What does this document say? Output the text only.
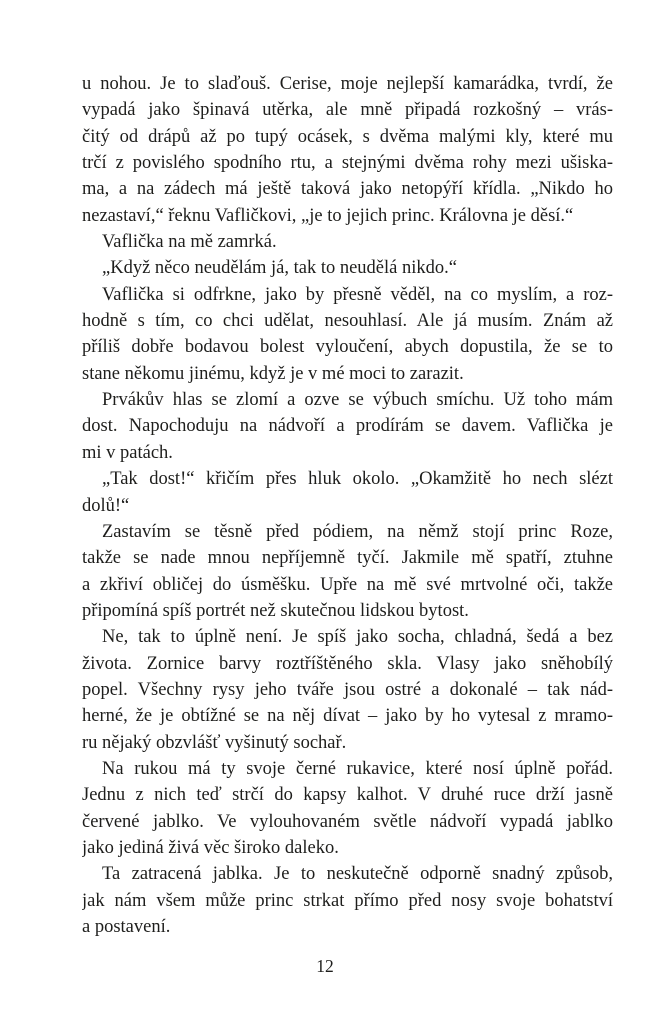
u nohou. Je to slaďouš. Cerise, moje nejlepší kamarádka, tvrdí, že
vypadá jako špinavá utěrka, ale mně připadá rozkošný – vrás-
čitý od drápů až po tupý ocásek, s dvěma malými kly, které mu
trčí z povislého spodního rtu, a stejnými dvěma rohy mezi ušiska-
ma, a na zádech má ještě taková jako netopýří křídla. „Nikdo ho
nezastaví,“ řeknu Vafličkovi, „je to jejich princ. Královna je děsí.“
Vaflička na mě zamrká.
„Když něco neudělám já, tak to neudělá nikdo.“
Vaflička si odfrkne, jako by přesně věděl, na co myslím, a roz-
hodně s tím, co chci udělat, nesouhlasí. Ale já musím. Znám až
příliš dobře bodavou bolest vyloučení, abych dopustila, že se to
stane někomu jinému, když je v mé moci to zarazit.
Prvákův hlas se zlomí a ozve se výbuch smíchu. Už toho mám
dost. Napochoduju na nádvoří a prodírám se davem. Vaflička je
mi v patách.
„Tak dost!“ křičím přes hluk okolo. „Okamžitě ho nech slézt
dolů!“
Zastavím se těsně před pódiem, na němž stojí princ Roze,
takže se nade mnou nepříjemně tyčí. Jakmile mě spatří, ztuhne
a zkřiví obličej do úsměšku. Upře na mě své mrtvolné oči, takže
připomíná spíš portrét než skutečnou lidskou bytost.
Ne, tak to úplně není. Je spíš jako socha, chladná, šedá a bez
života. Zornice barvy roztříštěného skla. Vlasy jako sněhobílý
popel. Všechny rysy jeho tváře jsou ostré a dokonalé – tak nád-
herné, že je obtížné se na něj dívat – jako by ho vytesal z mramo-
ru nějaký obzvlášť vyšinutý sochař.
Na rukou má ty svoje černé rukavice, které nosí úplně pořád.
Jednu z nich teď strčí do kapsy kalhot. V druhé ruce drží jasně
červené jablko. Ve vylouhovaném světle nádvoří vypadá jablko
jako jediná živá věc široko daleko.
Ta zatracená jablka. Je to neskutečně odporně snadný způsob,
jak nám všem může princ strkat přímo před nosy svoje bohatství
a postavení.
12
